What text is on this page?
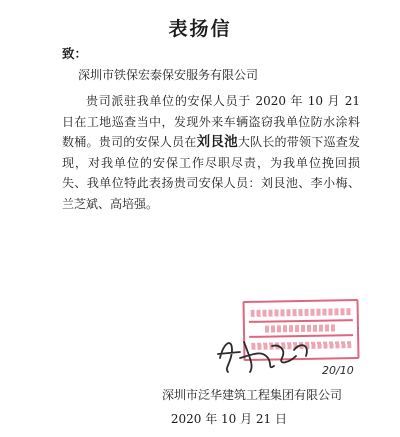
表扬信
致：
深圳市铁保宏泰保安服务有限公司

贵司派驻我单位的安保人员于 2020 年 10 月 21 日在工地巡查当中，发现外来车辆盗窃我单位防水涂料数桶。贵司的安保人员在刘艮池大队长的带领下巡查发现，对我单位的安保工作尽职尽责，为我单位挽回损失、我单位特此表扬贵司安保人员：刘艮池、李小梅、兰芝斌、高培强。

20/10
深圳市泛华建筑工程集团有限公司
2020 年 10 月 21 日
